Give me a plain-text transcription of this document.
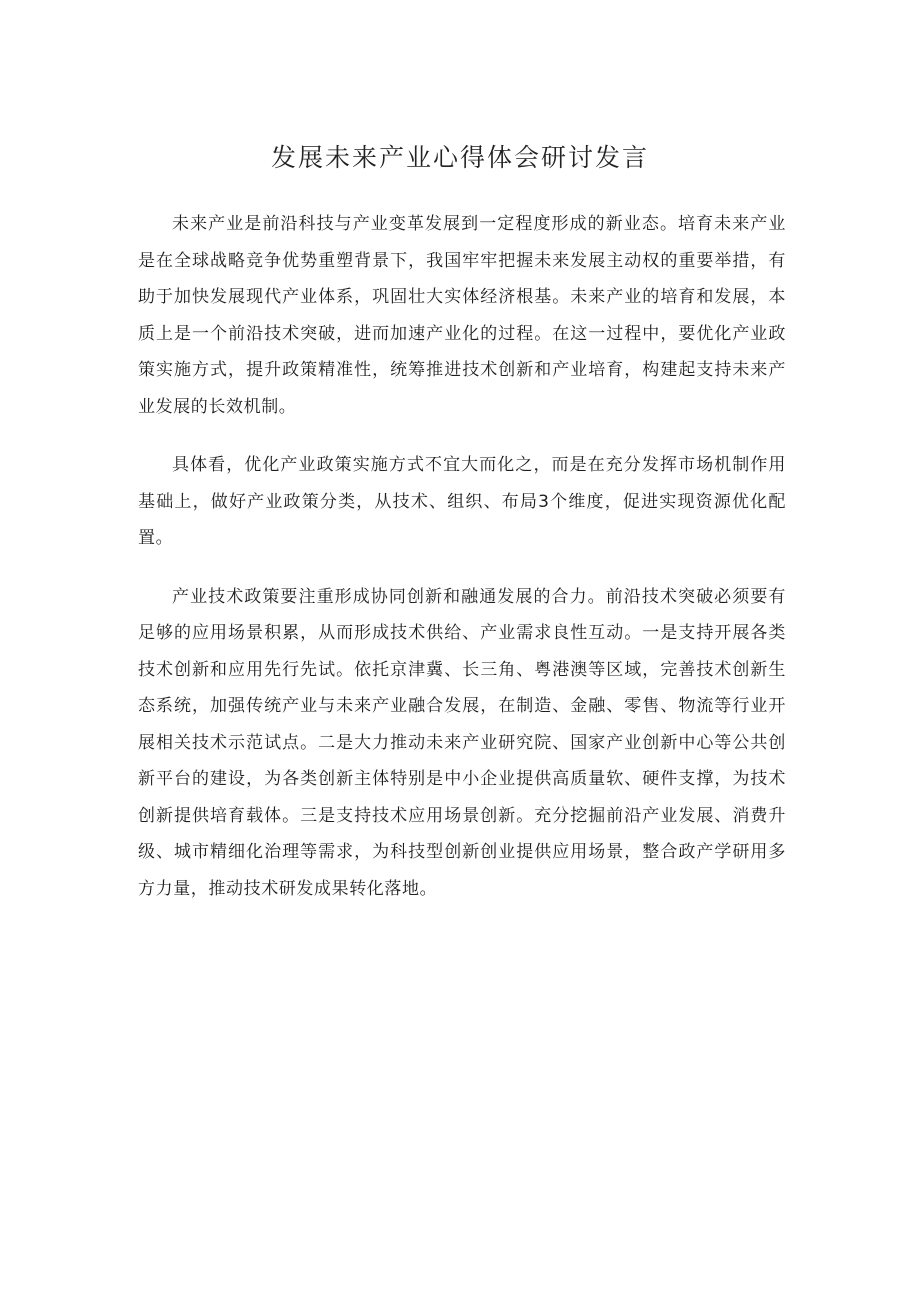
发展未来产业心得体会研讨发言

未来产业是前沿科技与产业变革发展到一定程度形成的新业态。培育未来产业是在全球战略竞争优势重塑背景下，我国牢牢把握未来发展主动权的重要举措，有助于加快发展现代产业体系，巩固壮大实体经济根基。未来产业的培育和发展，本质上是一个前沿技术突破，进而加速产业化的过程。在这一过程中，要优化产业政策实施方式，提升政策精准性，统筹推进技术创新和产业培育，构建起支持未来产业发展的长效机制。

具体看，优化产业政策实施方式不宜大而化之，而是在充分发挥市场机制作用基础上，做好产业政策分类，从技术、组织、布局3个维度，促进实现资源优化配置。

产业技术政策要注重形成协同创新和融通发展的合力。前沿技术突破必须要有足够的应用场景积累，从而形成技术供给、产业需求良性互动。一是支持开展各类技术创新和应用先行先试。依托京津冀、长三角、粤港澳等区域，完善技术创新生态系统，加强传统产业与未来产业融合发展，在制造、金融、零售、物流等行业开展相关技术示范试点。二是大力推动未来产业研究院、国家产业创新中心等公共创新平台的建设，为各类创新主体特别是中小企业提供高质量软、硬件支撑，为技术创新提供培育载体。三是支持技术应用场景创新。充分挖掘前沿产业发展、消费升级、城市精细化治理等需求，为科技型创新创业提供应用场景，整合政产学研用多方力量，推动技术研发成果转化落地。
